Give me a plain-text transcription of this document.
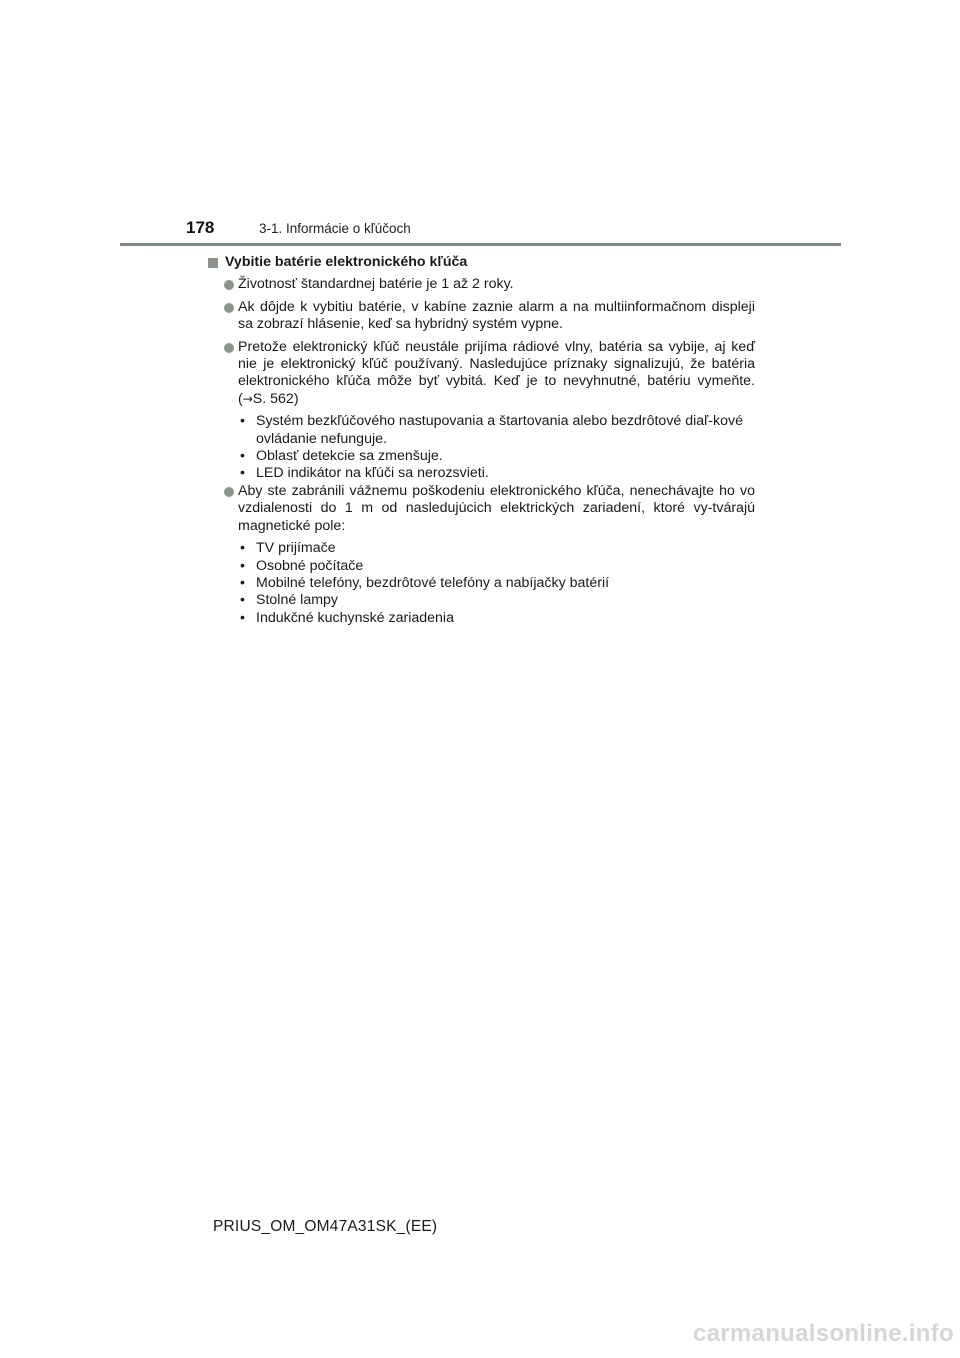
178	3-1. Informácie o kľúčoch
Vybitie batérie elektronického kľúča
Životnosť štandardnej batérie je 1 až 2 roky.
Ak dôjde k vybitiu batérie, v kabíne zaznie alarm a na multiinformačnom displeji sa zobrazí hlásenie, keď sa hybridný systém vypne.
Pretože elektronický kľúč neustále prijíma rádiové vlny, batéria sa vybije, aj keď nie je elektronický kľúč používaný. Nasledujúce príznaky signalizujú, že batéria elektronického kľúča môže byť vybitá. Keď je to nevyhnutné, batériu vymeňte. (→S. 562)
• Systém bezkľúčového nastupovania a štartovania alebo bezdrôtové diaľ-kové ovládanie nefunguje.
• Oblasť detekcie sa zmenšuje.
• LED indikátor na kľúči sa nerozsvieti.
Aby ste zabránili vážnemu poškodeniu elektronického kľúča, nenechávajte ho vo vzdialenosti do 1 m od nasledujúcich elektrických zariadení, ktoré vy-tvárajú magnetické pole:
• TV prijímače
• Osobné počítače
• Mobilné telefóny, bezdrôtové telefóny a nabíjačky batérií
• Stolné lampy
• Indukčné kuchynské zariadenia
PRIUS_OM_OM47A31SK_(EE)
carmanualsonline.info
